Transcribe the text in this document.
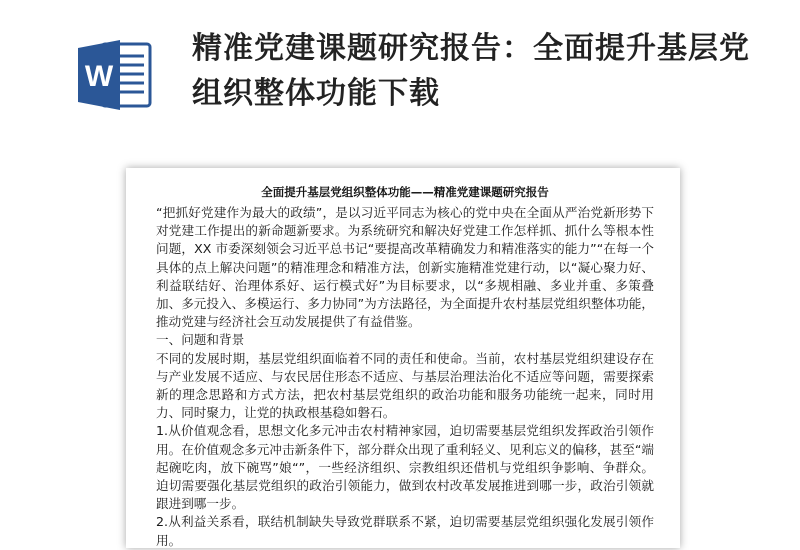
W
精准党建课题研究报告：全面提升基层党组织整体功能下载
全面提升基层党组织整体功能——精准党建课题研究报告

“把抓好党建作为最大的政绩”，是以习近平同志为核心的党中央在全面从严治党新形势下对党建工作提出的新命题新要求。为系统研究和解决好党建工作怎样抓、抓什么等根本性问题，XX 市委深刻领会习近平总书记“要提高改革精确发力和精准落实的能力”“在每一个具体的点上解决问题”的精准理念和精准方法，创新实施精准党建行动，以“凝心聚力好、利益联结好、治理体系好、运行模式好”为目标要求，以“多规相融、多业并重、多策叠加、多元投入、多模运行、多力协同”为方法路径，为全面提升农村基层党组织整体功能，推动党建与经济社会互动发展提供了有益借鉴。

一、问题和背景

不同的发展时期，基层党组织面临着不同的责任和使命。当前，农村基层党组织建设存在与产业发展不适应、与农民居住形态不适应、与基层治理法治化不适应等问题，需要探索新的理念思路和方式方法，把农村基层党组织的政治功能和服务功能统一起来，同时用力、同时聚力，让党的执政根基稳如磐石。

1.从价值观念看，思想文化多元冲击农村精神家园，迫切需要基层党组织发挥政治引领作用。在价值观念多元冲击新条件下，部分群众出现了重利轻义、见利忘义的偏移，甚至“端起碗吃肉，放下碗骂”娘“”，一些经济组织、宗教组织还借机与党组织争影响、争群众。迫切需要强化基层党组织的政治引领能力，做到农村改革发展推进到哪一步，政治引领就跟进到哪一步。

2.从利益关系看，联结机制缺失导致党群联系不紧，迫切需要基层党组织强化发展引领作用。
